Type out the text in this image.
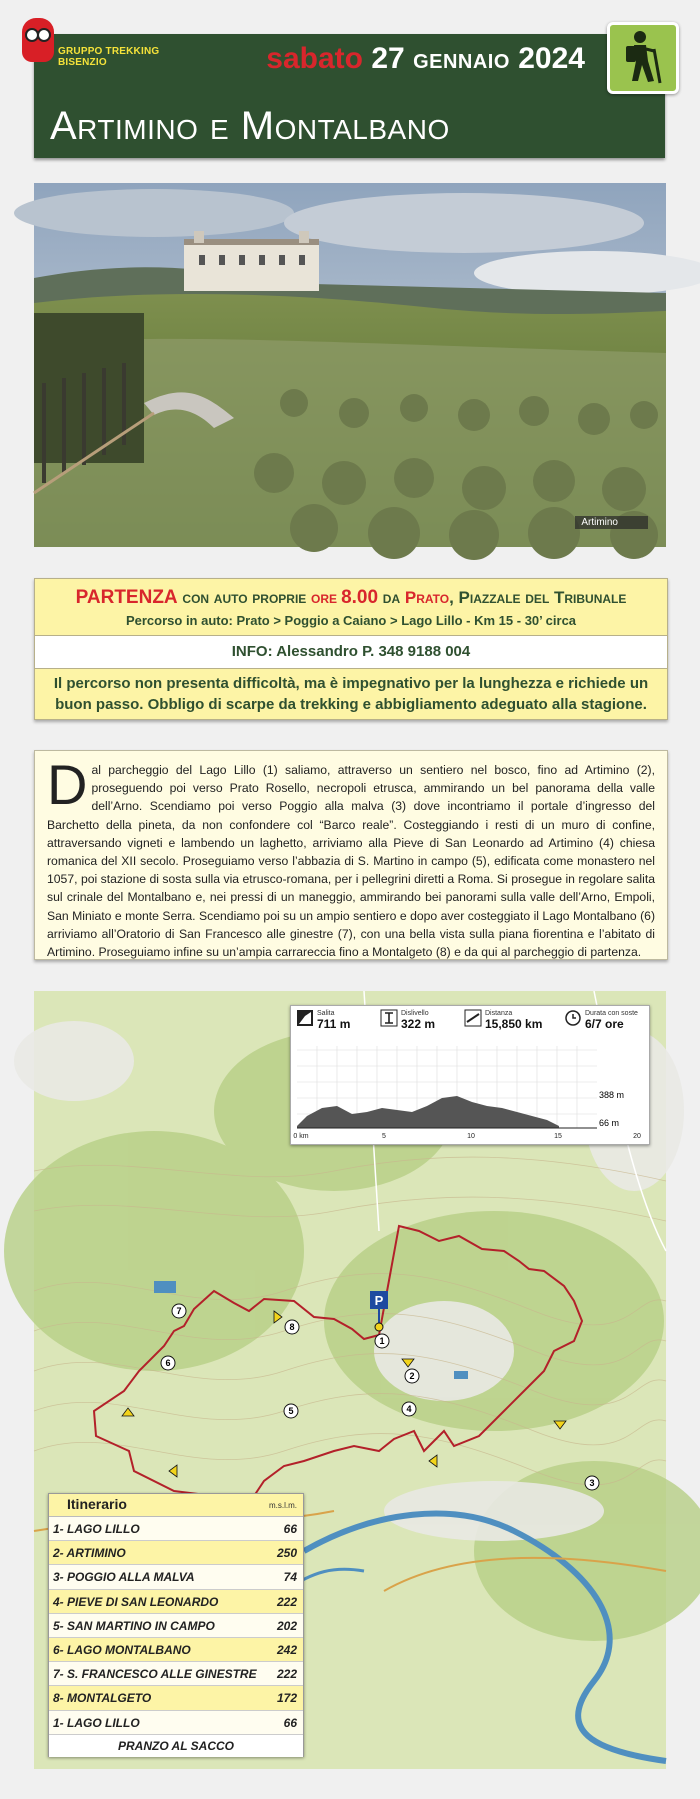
sabato 27 GENNAIO 2024
Artimino e Montalbano
GRUPPO TREKKING BISENZIO
Artimino
PARTENZA con auto proprie ore 8.00 da Prato, Piazzale del Tribunale
Percorso in auto: Prato > Poggio a Caiano > Lago Lillo - Km 15 - 30’ circa
INFO: Alessandro P. 348 9188 004
Il percorso non presenta difficoltà, ma è impegnativo per la lunghezza e richiede un buon passo. Obbligo di scarpe da trekking e abbigliamento adeguato alla stagione.

Dal parcheggio del Lago Lillo (1) saliamo, attraverso un sentiero nel bosco, fino ad Artimino (2), proseguendo poi verso Prato Rosello, necropoli etrusca, ammirando un bel panorama della valle dell’Arno. Scendiamo poi verso Poggio alla malva (3) dove incontriamo il portale d’ingresso del Barchetto della pineta, da non confondere col “Barco reale”. Costeggiando i resti di un muro di confine, attraversando vigneti e lambendo un laghetto, arriviamo alla Pieve di San Leonardo ad Artimino (4) chiesa romanica del XII secolo. Proseguiamo verso l’abbazia di S. Martino in campo (5), edificata come monastero nel 1057, poi stazione di sosta sulla via etrusco-romana, per i pellegrini diretti a Roma. Si prosegue in regolare salita sul crinale del Montalbano e, nei pressi di un maneggio, ammirando bei panorami sulla valle dell’Arno, Empoli, San Miniato e monte Serra. Scendiamo poi su un ampio sentiero e dopo aver costeggiato il Lago Montalbano (6) arriviamo all’Oratorio di San Francesco alle ginestre (7), con una bella vista sulla piana fiorentina e l’abitato di Artimino. Proseguiamo infine su un’ampia carrareccia fino a Montalgeto (8) e da qui al parcheggio di partenza.

P
1
2
3
4
5
6
7
8
Salita
711 m
Dislivello
322 m
Distanza
15,850 km
Durata con soste
6/7 ore
388 m
66 m
0 km	5	10	15	20
Itinerario	m.s.l.m.
1- LAGO LILLO	66
2- ARTIMINO	250
3- POGGIO ALLA MALVA	74
4- PIEVE DI SAN LEONARDO	222
5- SAN MARTINO IN CAMPO	202
6- LAGO MONTALBANO	242
7- S. FRANCESCO ALLE GINESTRE 222
8- MONTALGETO	172
1- LAGO LILLO	66
PRANZO AL SACCO
